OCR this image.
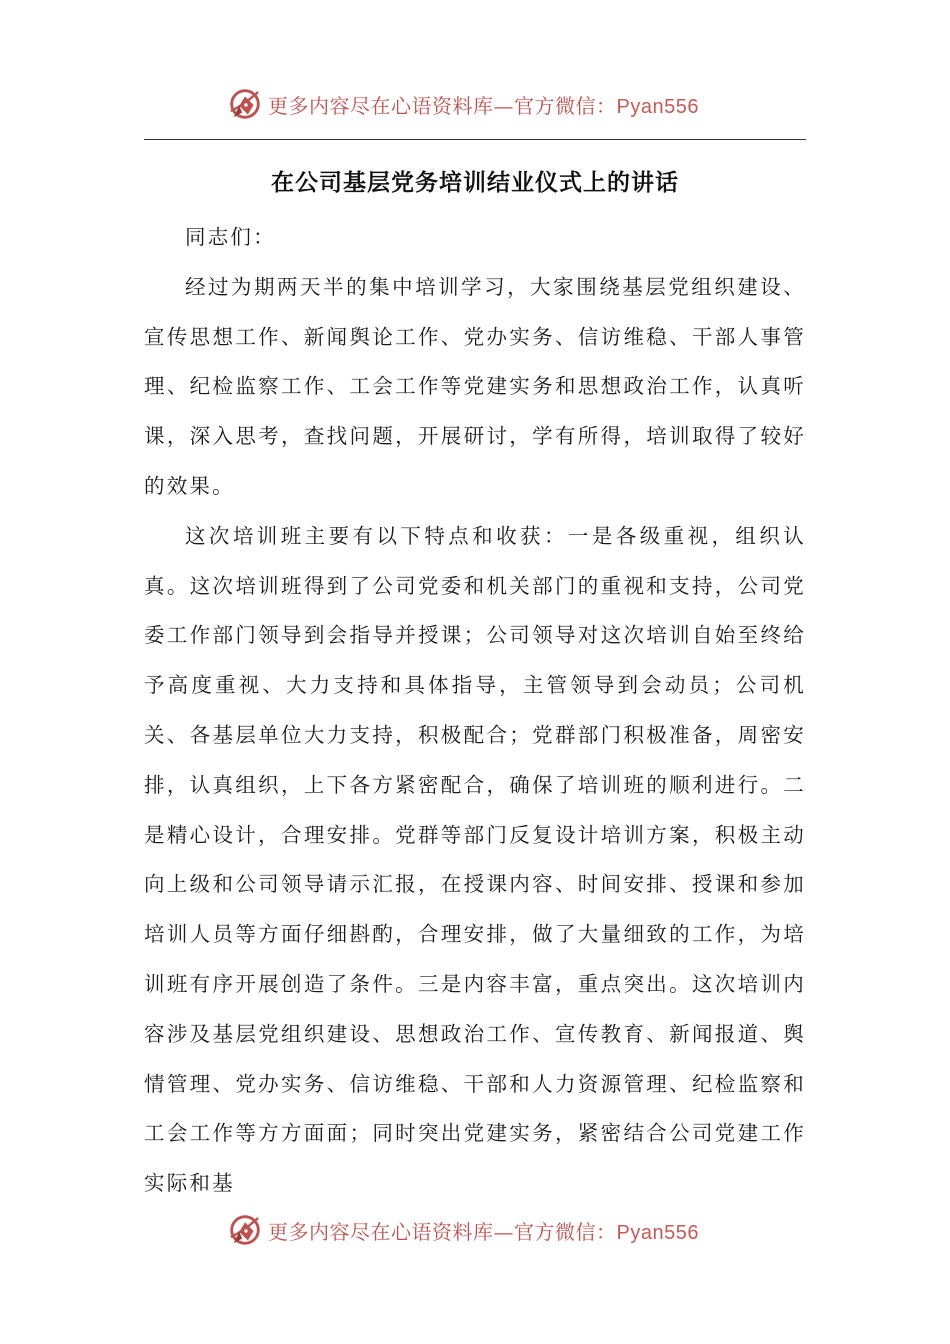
更多内容尽在心语资料库—官方微信：Pyan556
在公司基层党务培训结业仪式上的讲话

同志们：

经过为期两天半的集中培训学习，大家围绕基层党组织建设、宣传思想工作、新闻舆论工作、党办实务、信访维稳、干部人事管理、纪检监察工作、工会工作等党建实务和思想政治工作，认真听课，深入思考，查找问题，开展研讨，学有所得，培训取得了较好的效果。

这次培训班主要有以下特点和收获：一是各级重视，组织认真。这次培训班得到了公司党委和机关部门的重视和支持，公司党委工作部门领导到会指导并授课；公司领导对这次培训自始至终给予高度重视、大力支持和具体指导，主管领导到会动员；公司机关、各基层单位大力支持，积极配合；党群部门积极准备，周密安排，认真组织，上下各方紧密配合，确保了培训班的顺利进行。二是精心设计，合理安排。党群等部门反复设计培训方案，积极主动向上级和公司领导请示汇报，在授课内容、时间安排、授课和参加培训人员等方面仔细斟酌，合理安排，做了大量细致的工作，为培训班有序开展创造了条件。三是内容丰富，重点突出。这次培训内容涉及基层党组织建设、思想政治工作、宣传教育、新闻报道、舆情管理、党办实务、信访维稳、干部和人力资源管理、纪检监察和工会工作等方方面面；同时突出党建实务，紧密结合公司党建工作实际和基

更多内容尽在心语资料库—官方微信：Pyan556
